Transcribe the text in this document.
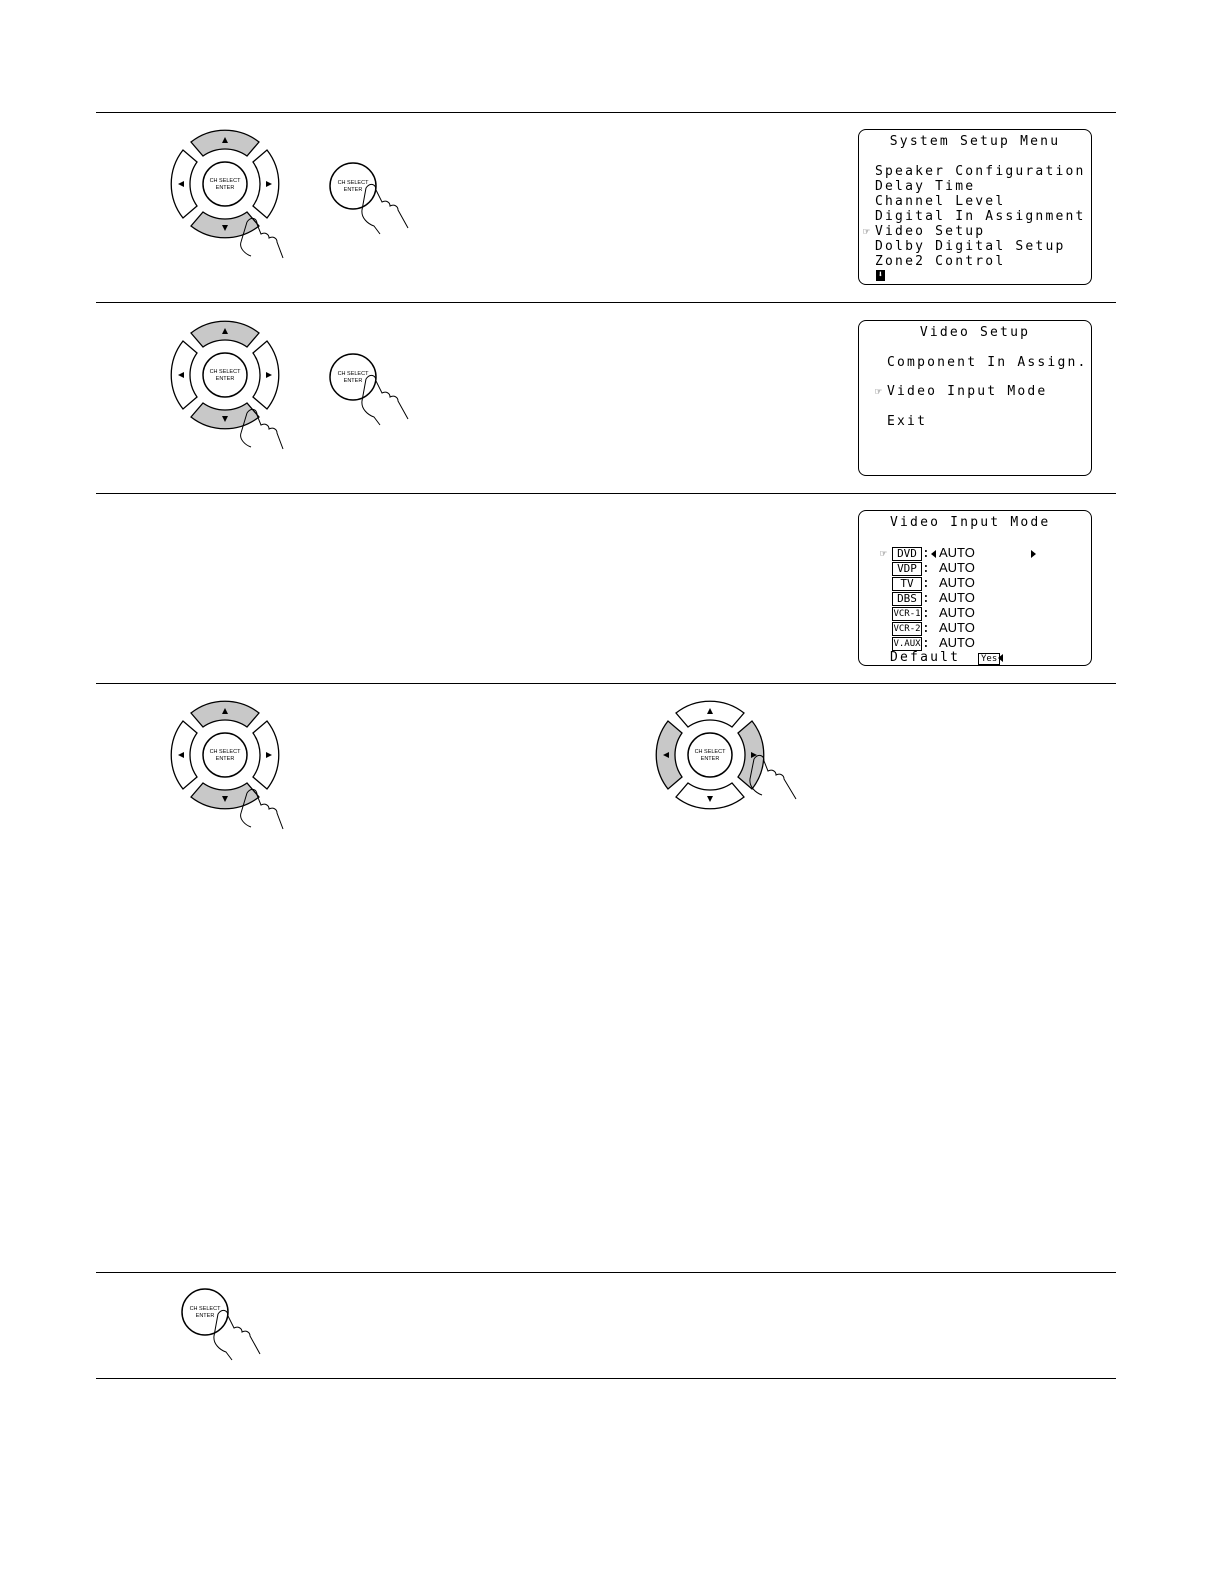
CH SELECT
ENTER
CH SELECT
ENTER
System Setup Menu
Speaker Configuration
Delay Time
Channel Level
Digital In Assignment
☞ Video Setup
Dolby Digital Setup
Zone2 Control
⬇
CH SELECT
ENTER
CH SELECT
ENTER
Video Setup
Component In Assign.
☞ Video Input Mode
Exit
Video Input Mode
☞ DVD : AUTO
VDP : AUTO
TV : AUTO
DBS : AUTO
VCR-1 : AUTO
VCR-2 : AUTO
V.AUX : AUTO
Default	Yes
CH SELECT
ENTER
CH SELECT
ENTER
CH SELECT
ENTER
